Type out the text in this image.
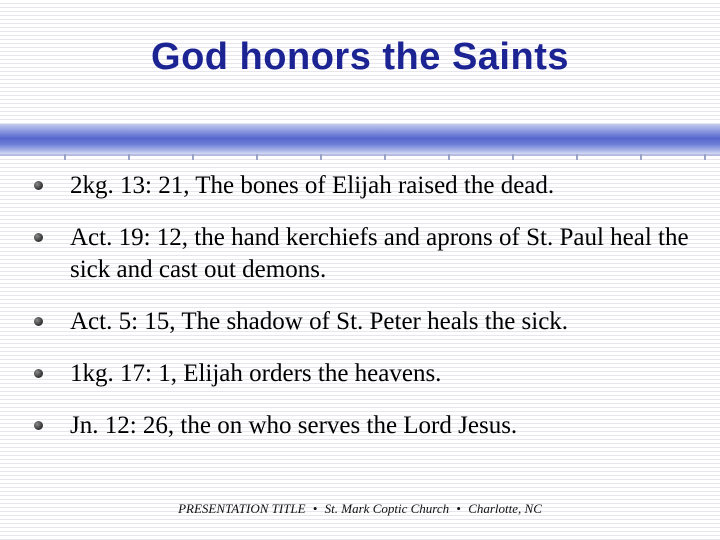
God honors the Saints
2kg. 13: 21, The bones of Elijah raised the dead.
Act. 19: 12, the hand kerchiefs and aprons of St. Paul heal the sick and cast out demons.
Act. 5: 15, The shadow of St. Peter heals the sick.
1kg. 17: 1, Elijah orders the heavens.
Jn. 12: 26, the on who serves the Lord Jesus.
PRESENTATION TITLE • St. Mark Coptic Church • Charlotte, NC
